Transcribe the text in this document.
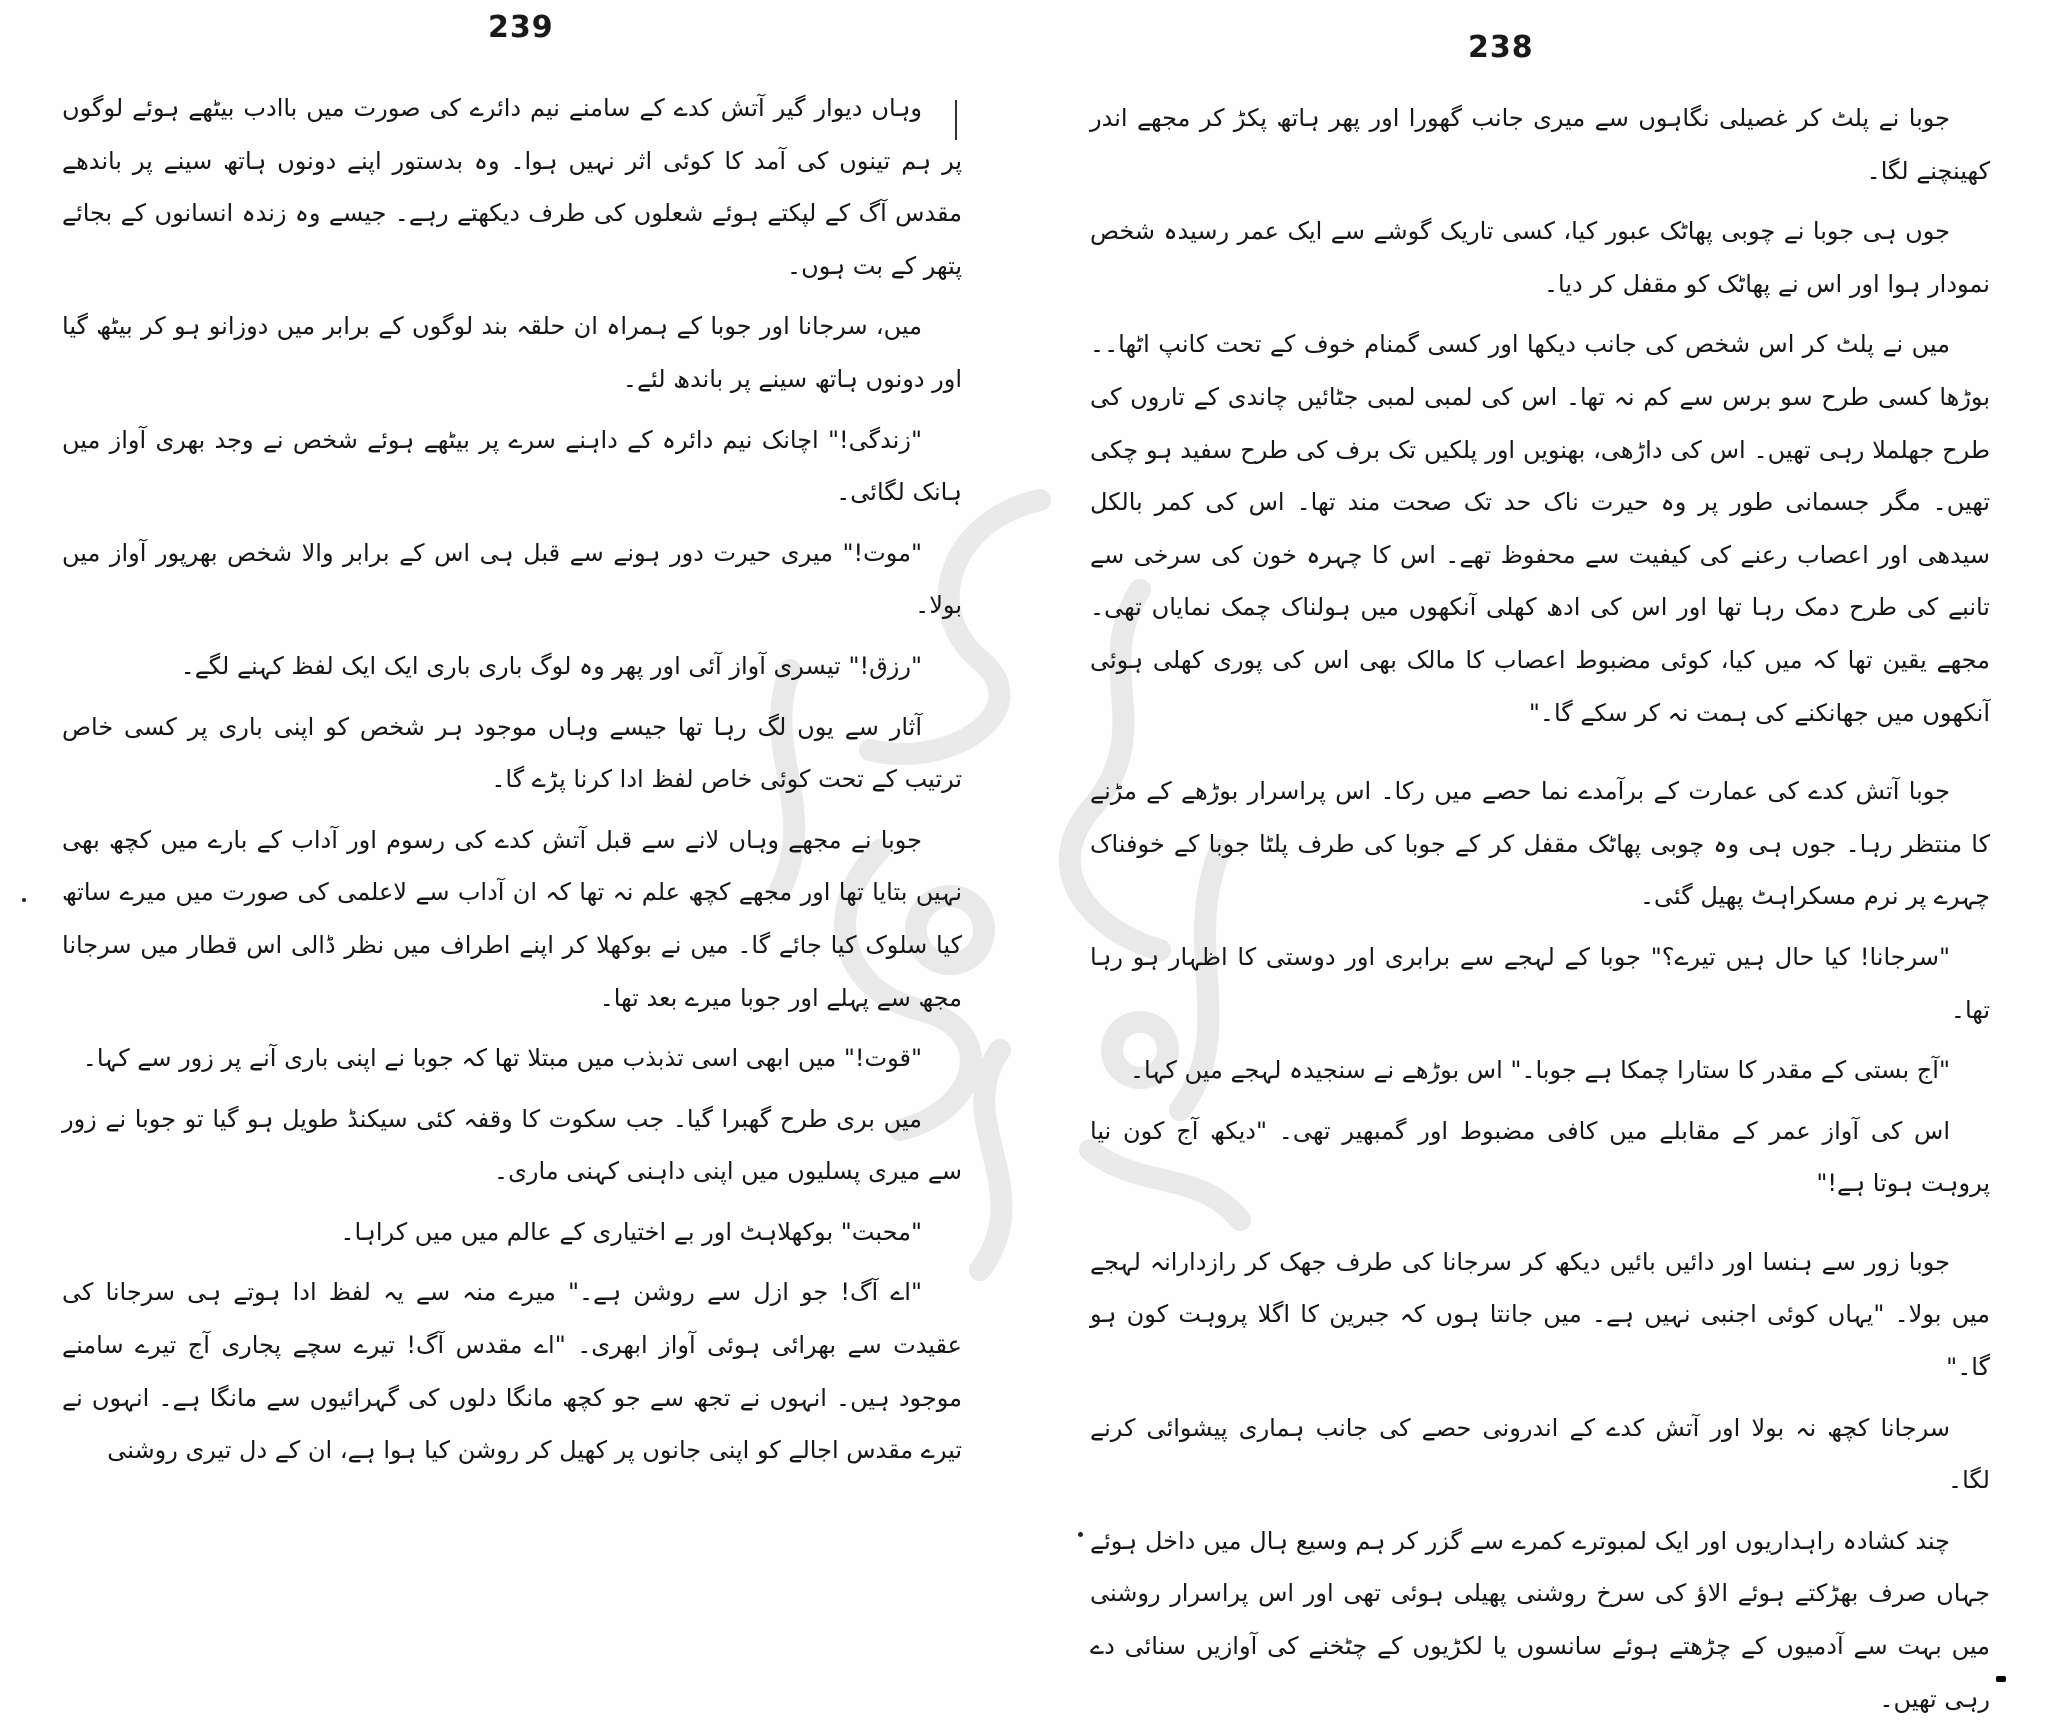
239

وہاں دیوار گیر آتش کدے کے سامنے نیم دائرے کی صورت میں باادب بیٹھے ہوئے لوگوں پر ہم تینوں کی آمد کا کوئی اثر نہیں ہوا۔ وہ بدستور اپنے دونوں ہاتھ سینے پر باندھے مقدس آگ کے لپکتے ہوئے شعلوں کی طرف دیکھتے رہے۔ جیسے وہ زندہ انسانوں کے بجائے پتھر کے بت ہوں۔

میں، سرجانا اور جوبا کے ہمراہ ان حلقہ بند لوگوں کے برابر میں دوزانو ہو کر بیٹھ گیا اور دونوں ہاتھ سینے پر باندھ لئے۔

"زندگی!" اچانک نیم دائرہ کے داہنے سرے پر بیٹھے ہوئے شخص نے وجد بھری آواز میں ہانک لگائی۔

"موت!" میری حیرت دور ہونے سے قبل ہی اس کے برابر والا شخص بھرپور آواز میں بولا۔

"رزق!" تیسری آواز آئی اور پھر وہ لوگ باری باری ایک ایک لفظ کہنے لگے۔

آثار سے یوں لگ رہا تھا جیسے وہاں موجود ہر شخص کو اپنی باری پر کسی خاص ترتیب کے تحت کوئی خاص لفظ ادا کرنا پڑے گا۔

جوبا نے مجھے وہاں لانے سے قبل آتش کدے کی رسوم اور آداب کے بارے میں کچھ بھی نہیں بتایا تھا اور مجھے کچھ علم نہ تھا کہ ان آداب سے لاعلمی کی صورت میں میرے ساتھ کیا سلوک کیا جائے گا۔ میں نے بوکھلا کر اپنے اطراف میں نظر ڈالی اس قطار میں سرجانا مجھ سے پہلے اور جوبا میرے بعد تھا۔

"قوت!" میں ابھی اسی تذبذب میں مبتلا تھا کہ جوبا نے اپنی باری آنے پر زور سے کہا۔

میں بری طرح گھبرا گیا۔ جب سکوت کا وقفہ کئی سیکنڈ طویل ہو گیا تو جوبا نے زور سے میری پسلیوں میں اپنی داہنی کہنی ماری۔

"محبت" بوکھلاہٹ اور بے اختیاری کے عالم میں میں کراہا۔

"اے آگ! جو ازل سے روشن ہے۔" میرے منہ سے یہ لفظ ادا ہوتے ہی سرجانا کی عقیدت سے بھرائی ہوئی آواز ابھری۔ "اے مقدس آگ! تیرے سچے پجاری آج تیرے سامنے موجود ہیں۔ انہوں نے تجھ سے جو کچھ مانگا دلوں کی گہرائیوں سے مانگا ہے۔ انہوں نے تیرے مقدس اجالے کو اپنی جانوں پر کھیل کر روشن کیا ہوا ہے، ان کے دل تیری روشنی

238

جوبا نے پلٹ کر غصیلی نگاہوں سے میری جانب گھورا اور پھر ہاتھ پکڑ کر مجھے اندر کھینچنے لگا۔

جوں ہی جوبا نے چوبی پھاٹک عبور کیا، کسی تاریک گوشے سے ایک عمر رسیدہ شخص نمودار ہوا اور اس نے پھاٹک کو مقفل کر دیا۔

میں نے پلٹ کر اس شخص کی جانب دیکھا اور کسی گمنام خوف کے تحت کانپ اٹھا۔۔ بوڑھا کسی طرح سو برس سے کم نہ تھا۔ اس کی لمبی لمبی جٹائیں چاندی کے تاروں کی طرح جھلملا رہی تھیں۔ اس کی داڑھی، بھنویں اور پلکیں تک برف کی طرح سفید ہو چکی تھیں۔ مگر جسمانی طور پر وہ حیرت ناک حد تک صحت مند تھا۔ اس کی کمر بالکل سیدھی اور اعصاب رعنے کی کیفیت سے محفوظ تھے۔ اس کا چہرہ خون کی سرخی سے تانبے کی طرح دمک رہا تھا اور اس کی ادھ کھلی آنکھوں میں ہولناک چمک نمایاں تھی۔ مجھے یقین تھا کہ میں کیا، کوئی مضبوط اعصاب کا مالک بھی اس کی پوری کھلی ہوئی آنکھوں میں جھانکنے کی ہمت نہ کر سکے گا۔"

جوبا آتش کدے کی عمارت کے برآمدے نما حصے میں رکا۔ اس پراسرار بوڑھے کے مڑنے کا منتظر رہا۔ جوں ہی وہ چوبی پھاٹک مقفل کر کے جوبا کی طرف پلٹا جوبا کے خوفناک چہرے پر نرم مسکراہٹ پھیل گئی۔

"سرجانا! کیا حال ہیں تیرے؟" جوبا کے لہجے سے برابری اور دوستی کا اظہار ہو رہا تھا۔

"آج بستی کے مقدر کا ستارا چمکا ہے جوبا۔" اس بوڑھے نے سنجیدہ لہجے میں کہا۔

اس کی آواز عمر کے مقابلے میں کافی مضبوط اور گمبھیر تھی۔ "دیکھ آج کون نیا پروہت ہوتا ہے!"

جوبا زور سے ہنسا اور دائیں بائیں دیکھ کر سرجانا کی طرف جھک کر رازدارانہ لہجے میں بولا۔ "یہاں کوئی اجنبی نہیں ہے۔ میں جانتا ہوں کہ جبرین کا اگلا پروہت کون ہو گا۔"

سرجانا کچھ نہ بولا اور آتش کدے کے اندرونی حصے کی جانب ہماری پیشوائی کرنے لگا۔

چند کشادہ راہداریوں اور ایک لمبوترے کمرے سے گزر کر ہم وسیع ہال میں داخل ہوئے جہاں صرف بھڑکتے ہوئے الاؤ کی سرخ روشنی پھیلی ہوئی تھی اور اس پراسرار روشنی میں بہت سے آدمیوں کے چڑھتے ہوئے سانسوں یا لکڑیوں کے چٹخنے کی آوازیں سنائی دے رہی تھیں۔
